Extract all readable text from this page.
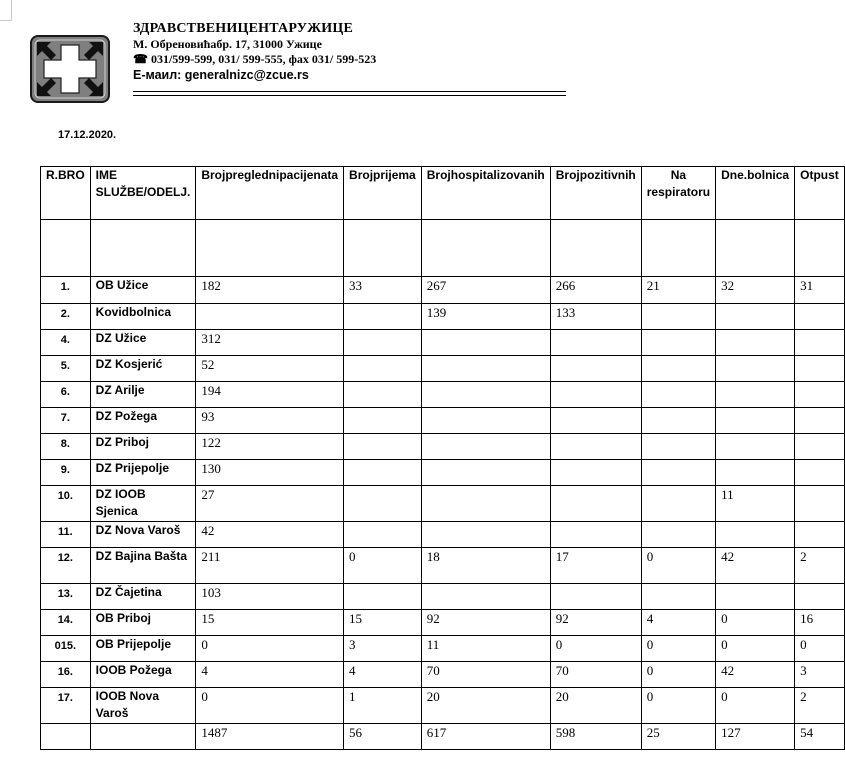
ЗДРАВСТВЕНИЦЕНТАРУЖИЦЕ
М. Обреновићабр. 17, 31000 Ужице
☎ 031/599-599, 031/ 599-555, фах 031/ 599-523
Е-маил: generalnizc@zcue.rs
17.12.2020.
R.BRO	IME SLUŽBE/ODELJ.	Brojpreglednipacijenata	Brojprijema	Brojhospitalizovanih	Brojpozitivnih	Na respiratoru	Dne.bolnica	Otpust

1.	OB Užice	182	33	267	266	21	32	31
2.	Kovidbolnica			139	133			
4.	DZ Užice	312						
5.	DZ Kosjerić	52						
6.	DZ Arilje	194						
7.	DZ Požega	93						
8.	DZ Priboj	122						
9.	DZ Prijepolje	130						
10.	DZ IOOB Sjenica	27					11	
11.	DZ Nova Varoš	42						
12.	DZ Bajina Bašta	211	0	18	17	0	42	2
13.	DZ Čajetina	103						
14.	OB Priboj	15	15	92	92	4	0	16
015.	OB Prijepolje	0	3	11	0	0	0	0
16.	IOOB Požega	4	4	70	70	0	42	3
17.	IOOB Nova Varoš	0	1	20	20	0	0	2
		1487	56	617	598	25	127	54
